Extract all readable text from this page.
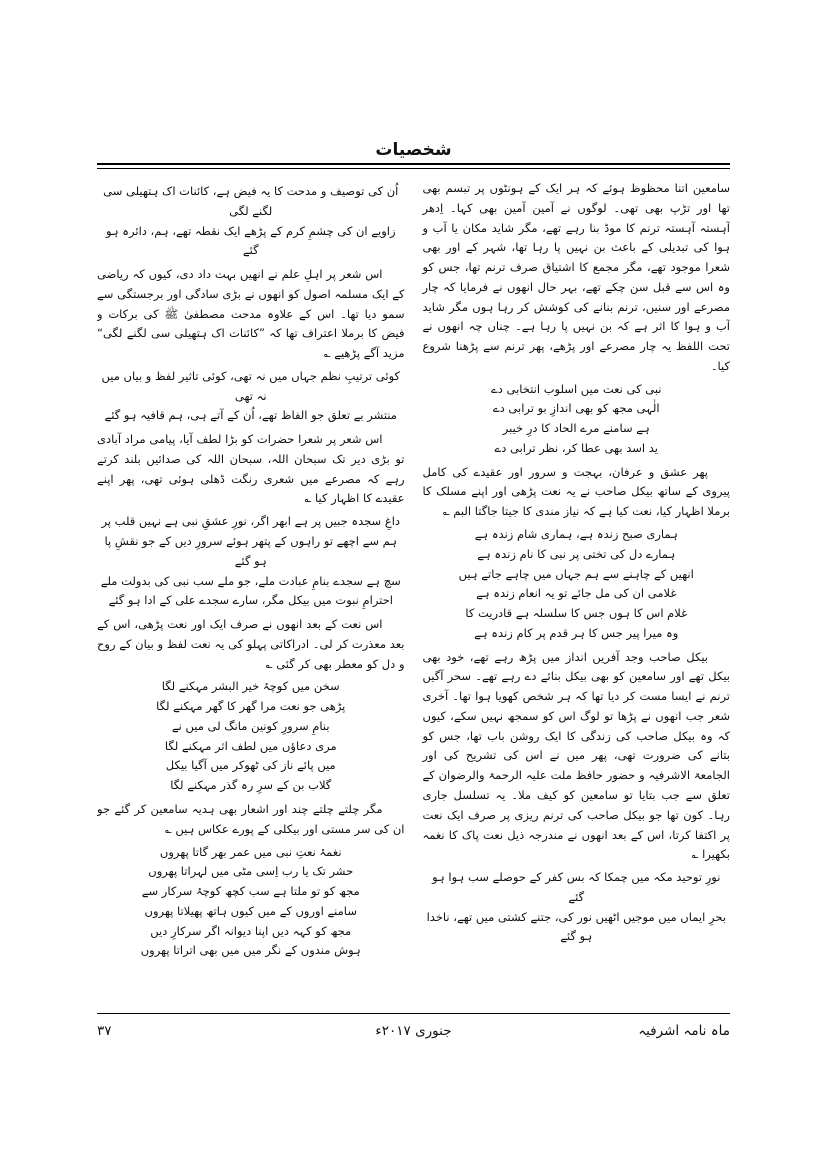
شخصیات

سامعین اتنا محظوظ ہوئے کہ ہر ایک کے ہونٹوں پر تبسم بھی تھا اور تڑپ بھی تھی۔ لوگوں نے آمین آمین بھی کہا۔ اِدھر آہستہ آہستہ ترنم کا موڈ بنا رہے تھے، مگر شاید مکان یا آب و ہوا کی تبدیلی کے باعث بن نہیں پا رہا تھا، شہر کے اور بھی شعرا موجود تھے، مگر مجمع کا اشتیاق صرف ترنم تھا، جس کو وہ اس سے قبل سن چکے تھے، بہر حال انھوں نے فرمایا کہ چار مصرعے اور سنیں، ترنم بنانے کی کوشش کر رہا ہوں مگر شاید آب و ہوا کا اثر ہے کہ بن نہیں پا رہا ہے۔ چناں چہ انھوں نے تحت اللفظ یہ چار مصرعے اور پڑھے، پھر ترنم سے پڑھنا شروع کیا۔

نبی کی نعت میں اسلوب انتخابی دے
الٰہی مجھ کو بھی اندازِ بو ترابی دے
ہے سامنے مرے الحاد کا درِ خیبر
ید اسد بھی عطا کر، نظر ترابی دے

پھر عشق و عرفان، بہجت و سرور اور عقیدے کی کامل پیروی کے ساتھ بیکل صاحب نے یہ نعت پڑھی اور اپنے مسلک کا برملا اظہار کیا، نعت کیا ہے کہ نیاز مندی کا جیتا جاگتا البم ؎

ہماری صبح زندہ ہے، ہماری شام زندہ ہے
ہمارے دل کی تختی پر نبی کا نام زندہ ہے
انھیں کے چاہنے سے ہم جہاں میں چاہے جاتے ہیں
غلامی ان کی مل جائے تو یہ انعام زندہ ہے
غلام اس کا ہوں جس کا سلسلہ ہے قادریت کا
وہ میرا پیر جس کا ہر قدم پر کام زندہ ہے

بیکل صاحب وجد آفریں انداز میں پڑھ رہے تھے، خود بھی بیکل تھے اور سامعین کو بھی بیکل بنائے دے رہے تھے۔ سحر آگیں ترنم نے ایسا مست کر دیا تھا کہ ہر شخص کھویا ہوا تھا۔ آخری شعر جب انھوں نے پڑھا تو لوگ اس کو سمجھ نہیں سکے، کیوں کہ وہ بیکل صاحب کی زندگی کا ایک روشن باب تھا، جس کو بتانے کی ضرورت تھی، پھر میں نے اس کی تشریح کی اور الجامعۃ الاشرفیہ و حضور حافظ ملت علیہ الرحمۃ والرضوان کے تعلق سے جب بتایا تو سامعین کو کیف ملا۔ یہ تسلسل جاری رہا۔ کون تھا جو بیکل صاحب کی ترنم ریزی پر صرف ایک نعت پر اکتفا کرتا، اس کے بعد انھوں نے مندرجہ ذیل نعت پاک کا نغمہ بکھیرا ؎

نورِ توحید مکہ میں چمکا کہ بس کفر کے حوصلے سب ہوا ہو گئے
بحرِ ایماں میں موجیں اٹھیں نور کی، جتنے کشتی میں تھے، ناخدا ہو گئے
اُن کی توصیف و مدحت کا یہ فیض ہے، کائنات اک ہتھیلی سی لگنے لگی
زاویے ان کی چشمِ کرم کے پڑھے ایک نقطہ تھے، ہم، دائرہ ہو گئے

اس شعر پر اہلِ علم نے انھیں بہت داد دی، کیوں کہ ریاضی کے ایک مسلمہ اصول کو انھوں نے بڑی سادگی اور برجستگی سے سمو دیا تھا۔ اس کے علاوہ مدحت مصطفیٰ ﷺ کی برکات و فیض کا برملا اعتراف تھا کہ ”کائنات اک ہتھیلی سی لگنے لگی“ مزید آگے پڑھیے ؎

کوئی ترتیبِ نظم جہاں میں نہ تھی، کوئی تاثیر لفظ و بیاں میں نہ تھی
منتشر بے تعلق جو الفاظ تھے، اُن کے آتے ہی، ہم قافیہ ہو گئے

اس شعر پر شعرا حضرات کو بڑا لطف آیا، پیامی مراد آبادی تو بڑی دیر تک سبحان اللہ، سبحان اللہ کی صدائیں بلند کرتے رہے کہ مصرعے میں شعری رنگت ڈھلی ہوئی تھی، پھر اپنے عقیدے کا اظہار کیا ؎

داغِ سجدہ جبیں پر ہے ابھر اگر، نورِ عشقِ نبی ہے نہیں قلب پر
ہم سے اچھے تو راہوں کے پتھر ہوئے سرورِ دیں کے جو نقشِ پا ہو گئے
سچ ہے سجدے بنامِ عبادت ملے، جو ملے سب نبی کی بدولت ملے
احترامِ نبوت میں بیکل مگر، سارے سجدے علی کے ادا ہو گئے

اس نعت کے بعد انھوں نے صرف ایک اور نعت پڑھی، اس کے بعد معذرت کر لی۔ ادراکاتی پہلو کی یہ نعت لفظ و بیان کے روح و دل کو معطر بھی کر گئی ؎

سخن میں کوچۂ خیر البشر مہکنے لگا
پڑھی جو نعت مرا گھر کا گھر مہکنے لگا
بنامِ سرورِ کونین مانگ لی میں نے
مری دعاؤں میں لطف اثر مہکنے لگا
میں پائے ناز کی ٹھوکر میں آگیا بیکل
گلاب بن کے سرِ رہ گذر مہکنے لگا

مگر چلتے چلتے چند اور اشعار بھی ہدیہ سامعین کر گئے جو ان کی سر مستی اور بیکلی کے پورے عکاس ہیں ؎

نغمۂ نعتِ نبی میں عمر بھر گاتا پھروں
حشر تک یا رب اِسی مٹی میں لہراتا پھروں
مجھ کو تو ملتا ہے سب کچھ کوچۂ سرکار سے
سامنے اوروں کے میں کیوں ہاتھ پھیلاتا پھروں
مجھ کو کہہ دیں اپنا دیوانہ اگر سرکارِ دیں
ہوش مندوں کے نگر میں میں بھی اتراتا پھروں
ماہ نامہ اشرفیہ
جنوری ۲۰۱۷ء
۳۷
